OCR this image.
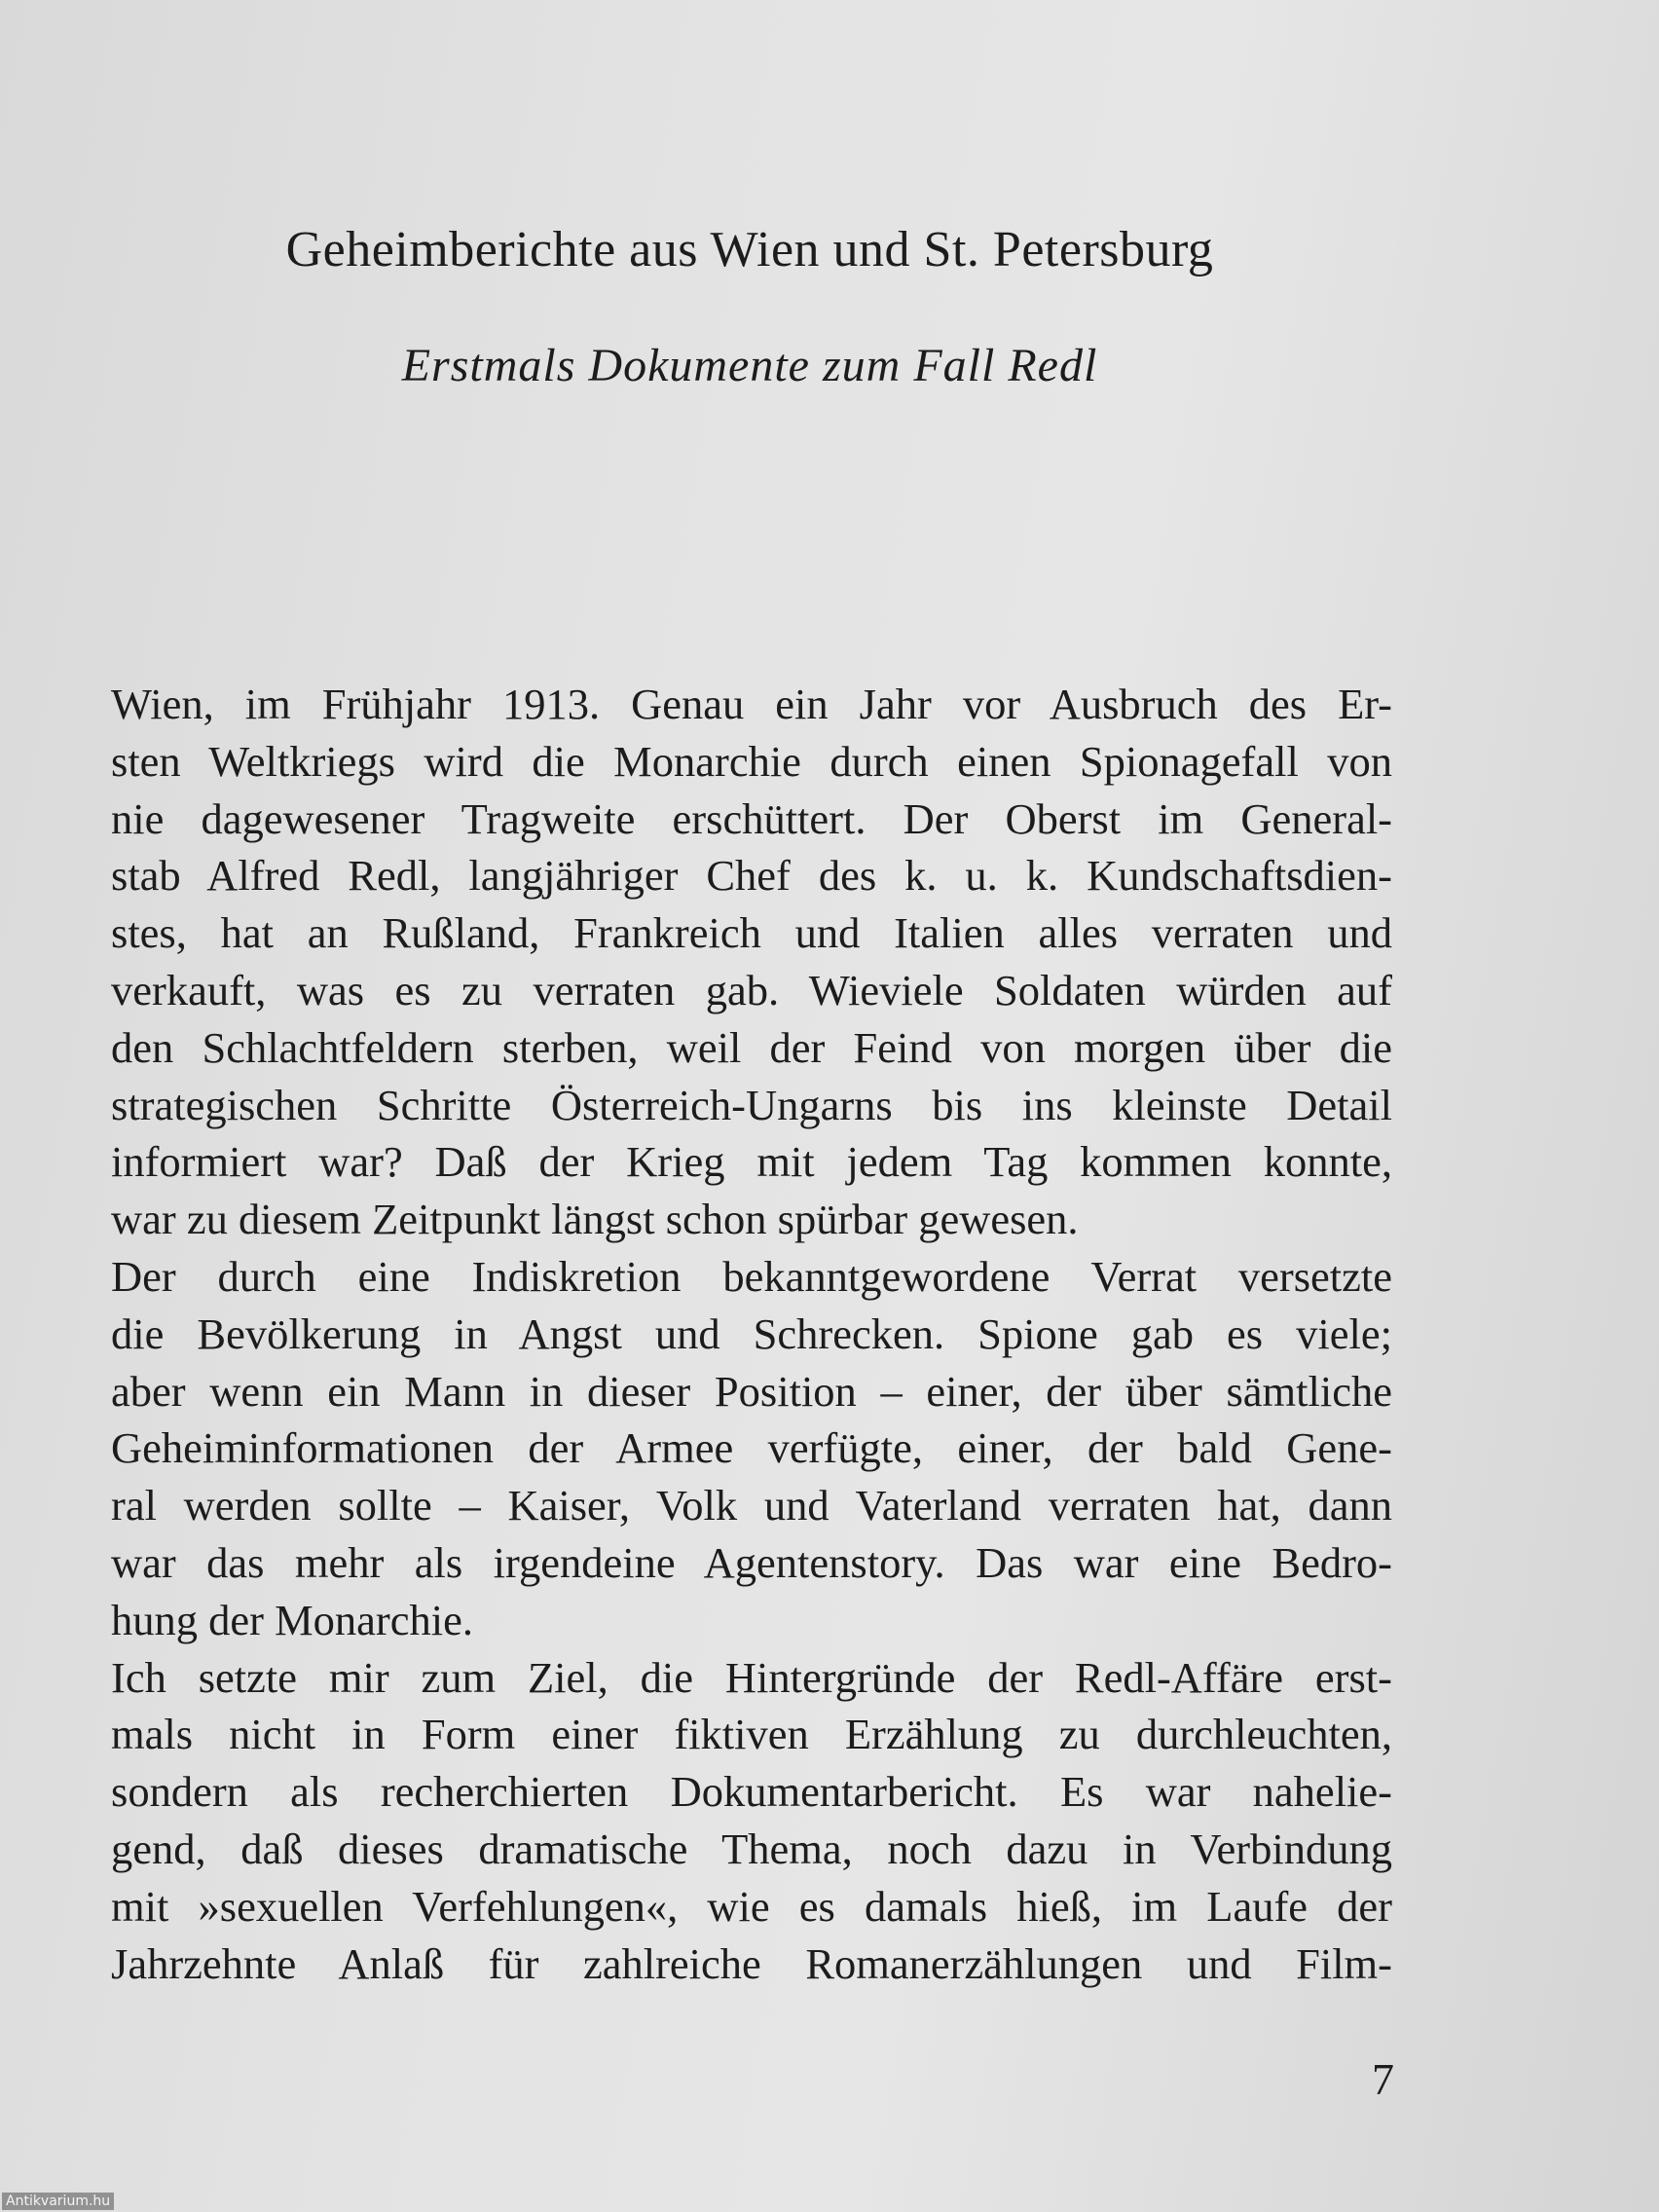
Geheimberichte aus Wien und St. Petersburg
Erstmals Dokumente zum Fall Redl
Wien, im Frühjahr 1913. Genau ein Jahr vor Ausbruch des Er-
sten Weltkriegs wird die Monarchie durch einen Spionagefall von
nie dagewesener Tragweite erschüttert. Der Oberst im General-
stab Alfred Redl, langjähriger Chef des k. u. k. Kundschaftsdien-
stes, hat an Rußland, Frankreich und Italien alles verraten und
verkauft, was es zu verraten gab. Wieviele Soldaten würden auf
den Schlachtfeldern sterben, weil der Feind von morgen über die
strategischen Schritte Österreich-Ungarns bis ins kleinste Detail
informiert war? Daß der Krieg mit jedem Tag kommen konnte,
war zu diesem Zeitpunkt längst schon spürbar gewesen.
Der durch eine Indiskretion bekanntgewordene Verrat versetzte
die Bevölkerung in Angst und Schrecken. Spione gab es viele;
aber wenn ein Mann in dieser Position – einer, der über sämtliche
Geheiminformationen der Armee verfügte, einer, der bald Gene-
ral werden sollte – Kaiser, Volk und Vaterland verraten hat, dann
war das mehr als irgendeine Agentenstory. Das war eine Bedro-
hung der Monarchie.
Ich setzte mir zum Ziel, die Hintergründe der Redl-Affäre erst-
mals nicht in Form einer fiktiven Erzählung zu durchleuchten,
sondern als recherchierten Dokumentarbericht. Es war nahelie-
gend, daß dieses dramatische Thema, noch dazu in Verbindung
mit »sexuellen Verfehlungen«, wie es damals hieß, im Laufe der
Jahrzehnte Anlaß für zahlreiche Romanerzählungen und Film-
7
Antikvarium.hu
